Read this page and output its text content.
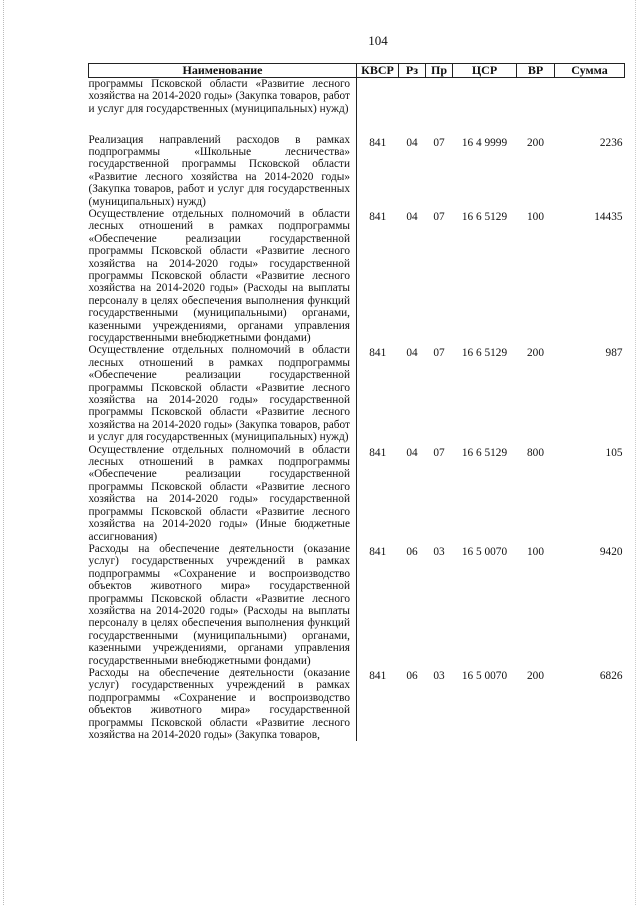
104
Наименование	КВСР	Рз	Пр	ЦСР	ВР	Сумма
программы Псковской области «Развитие лесного хозяйства на 2014-2020 годы» (Закупка товаров, работ и услуг для государственных (муниципальных) нужд)						
Реализация направлений расходов в рамках подпрограммы «Школьные лесничества» государственной программы Псковской области «Развитие лесного хозяйства на 2014-2020 годы» (Закупка товаров, работ и услуг для государственных (муниципальных) нужд)	841	04	07	16 4 9999	200	2236
Осуществление отдельных полномочий в области лесных отношений в рамках подпрограммы «Обеспечение реализации государственной программы Псковской области «Развитие лесного хозяйства на 2014-2020 годы» государственной программы Псковской области «Развитие лесного хозяйства на 2014-2020 годы» (Расходы на выплаты персоналу в целях обеспечения выполнения функций государственными (муниципальными) органами, казенными учреждениями, органами управления государственными внебюджетными фондами)	841	04	07	16 6 5129	100	14435
Осуществление отдельных полномочий в области лесных отношений в рамках подпрограммы «Обеспечение реализации государственной программы Псковской области «Развитие лесного хозяйства на 2014-2020 годы» государственной программы Псковской области «Развитие лесного хозяйства на 2014-2020 годы» (Закупка товаров, работ и услуг для государственных (муниципальных) нужд)	841	04	07	16 6 5129	200	987
Осуществление отдельных полномочий в области лесных отношений в рамках подпрограммы «Обеспечение реализации государственной программы Псковской области «Развитие лесного хозяйства на 2014-2020 годы» государственной программы Псковской области «Развитие лесного хозяйства на 2014-2020 годы» (Иные бюджетные ассигнования)	841	04	07	16 6 5129	800	105
Расходы на обеспечение деятельности (оказание услуг) государственных учреждений в рамках подпрограммы «Сохранение и воспроизводство объектов животного мира» государственной программы Псковской области «Развитие лесного хозяйства на 2014-2020 годы» (Расходы на выплаты персоналу в целях обеспечения выполнения функций государственными (муниципальными) органами, казенными учреждениями, органами управления государственными внебюджетными фондами)	841	06	03	16 5 0070	100	9420
Расходы на обеспечение деятельности (оказание услуг) государственных учреждений в рамках подпрограммы «Сохранение и воспроизводство объектов животного мира» государственной программы Псковской области «Развитие лесного хозяйства на 2014-2020 годы» (Закупка товаров,	841	06	03	16 5 0070	200	6826
